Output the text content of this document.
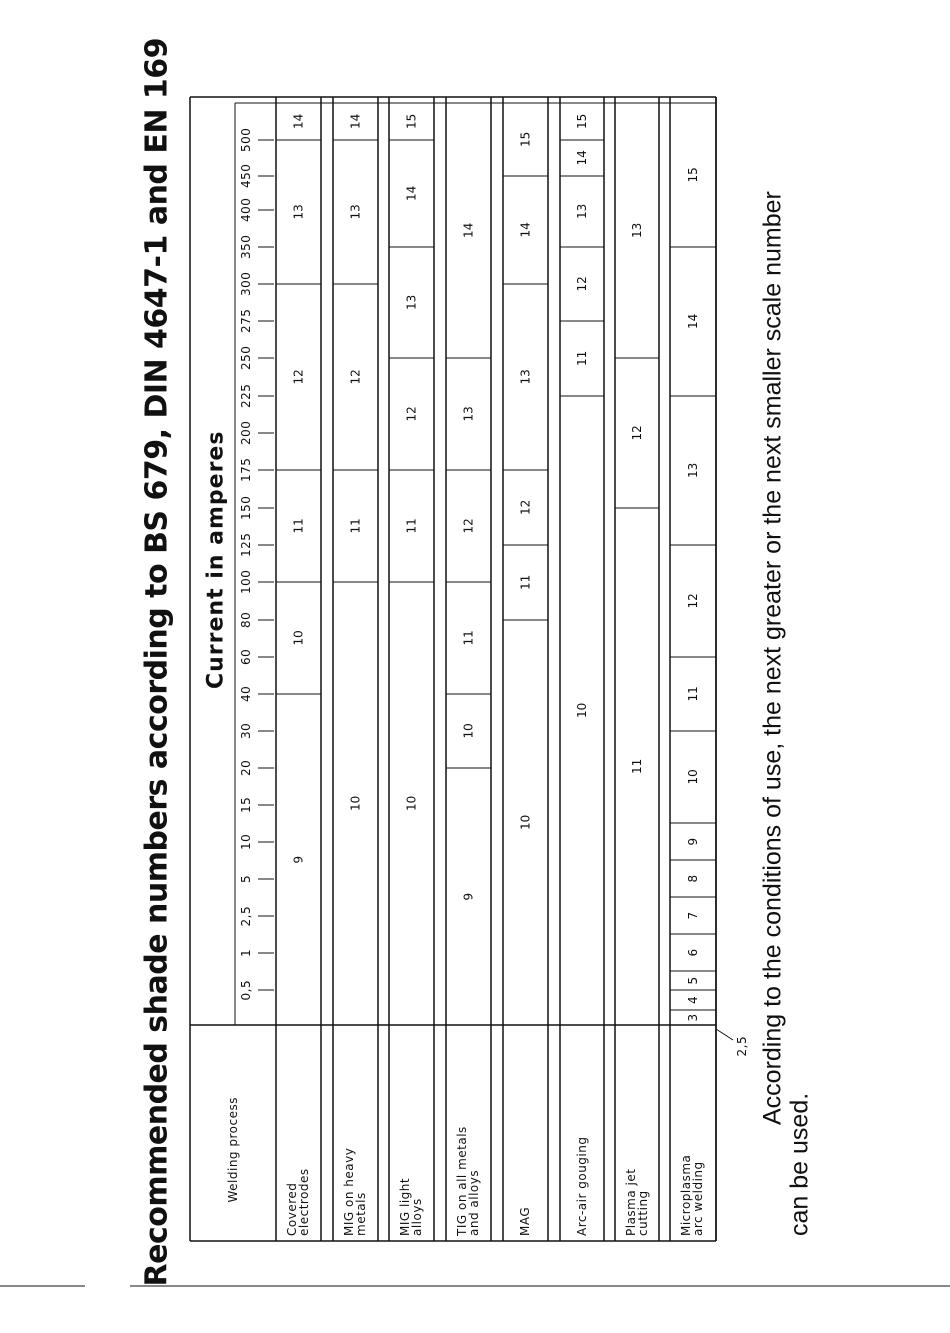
Recommended shade numbers according to BS 679, DIN 4647-1 and EN 169	According to the conditions of use, the next greater or the next smaller scale number
can be used.
Welding process
Current in amperes
0,5
1
2,5
5
10
15
20
30
40
60
80
100
125
150
175
200
225
250
275
300
350
400
450
500
Covered
electrodes
9
10
11
12
13
14
MIG on heavy
metals
10
11
12
13
14
MIG light
alloys
10
11
12
13
14
15
TIG on all metals
and alloys
9
10
11
12
13
14
MAG
10
11
12
13
14
15
Arc-air gouging
10
11
12
13
14
15
Plasma jet
cutting
11
12
13
Microplasma
arc welding
3
4
5
6
7
8
9
10
11
12
13
14
15
2,5
